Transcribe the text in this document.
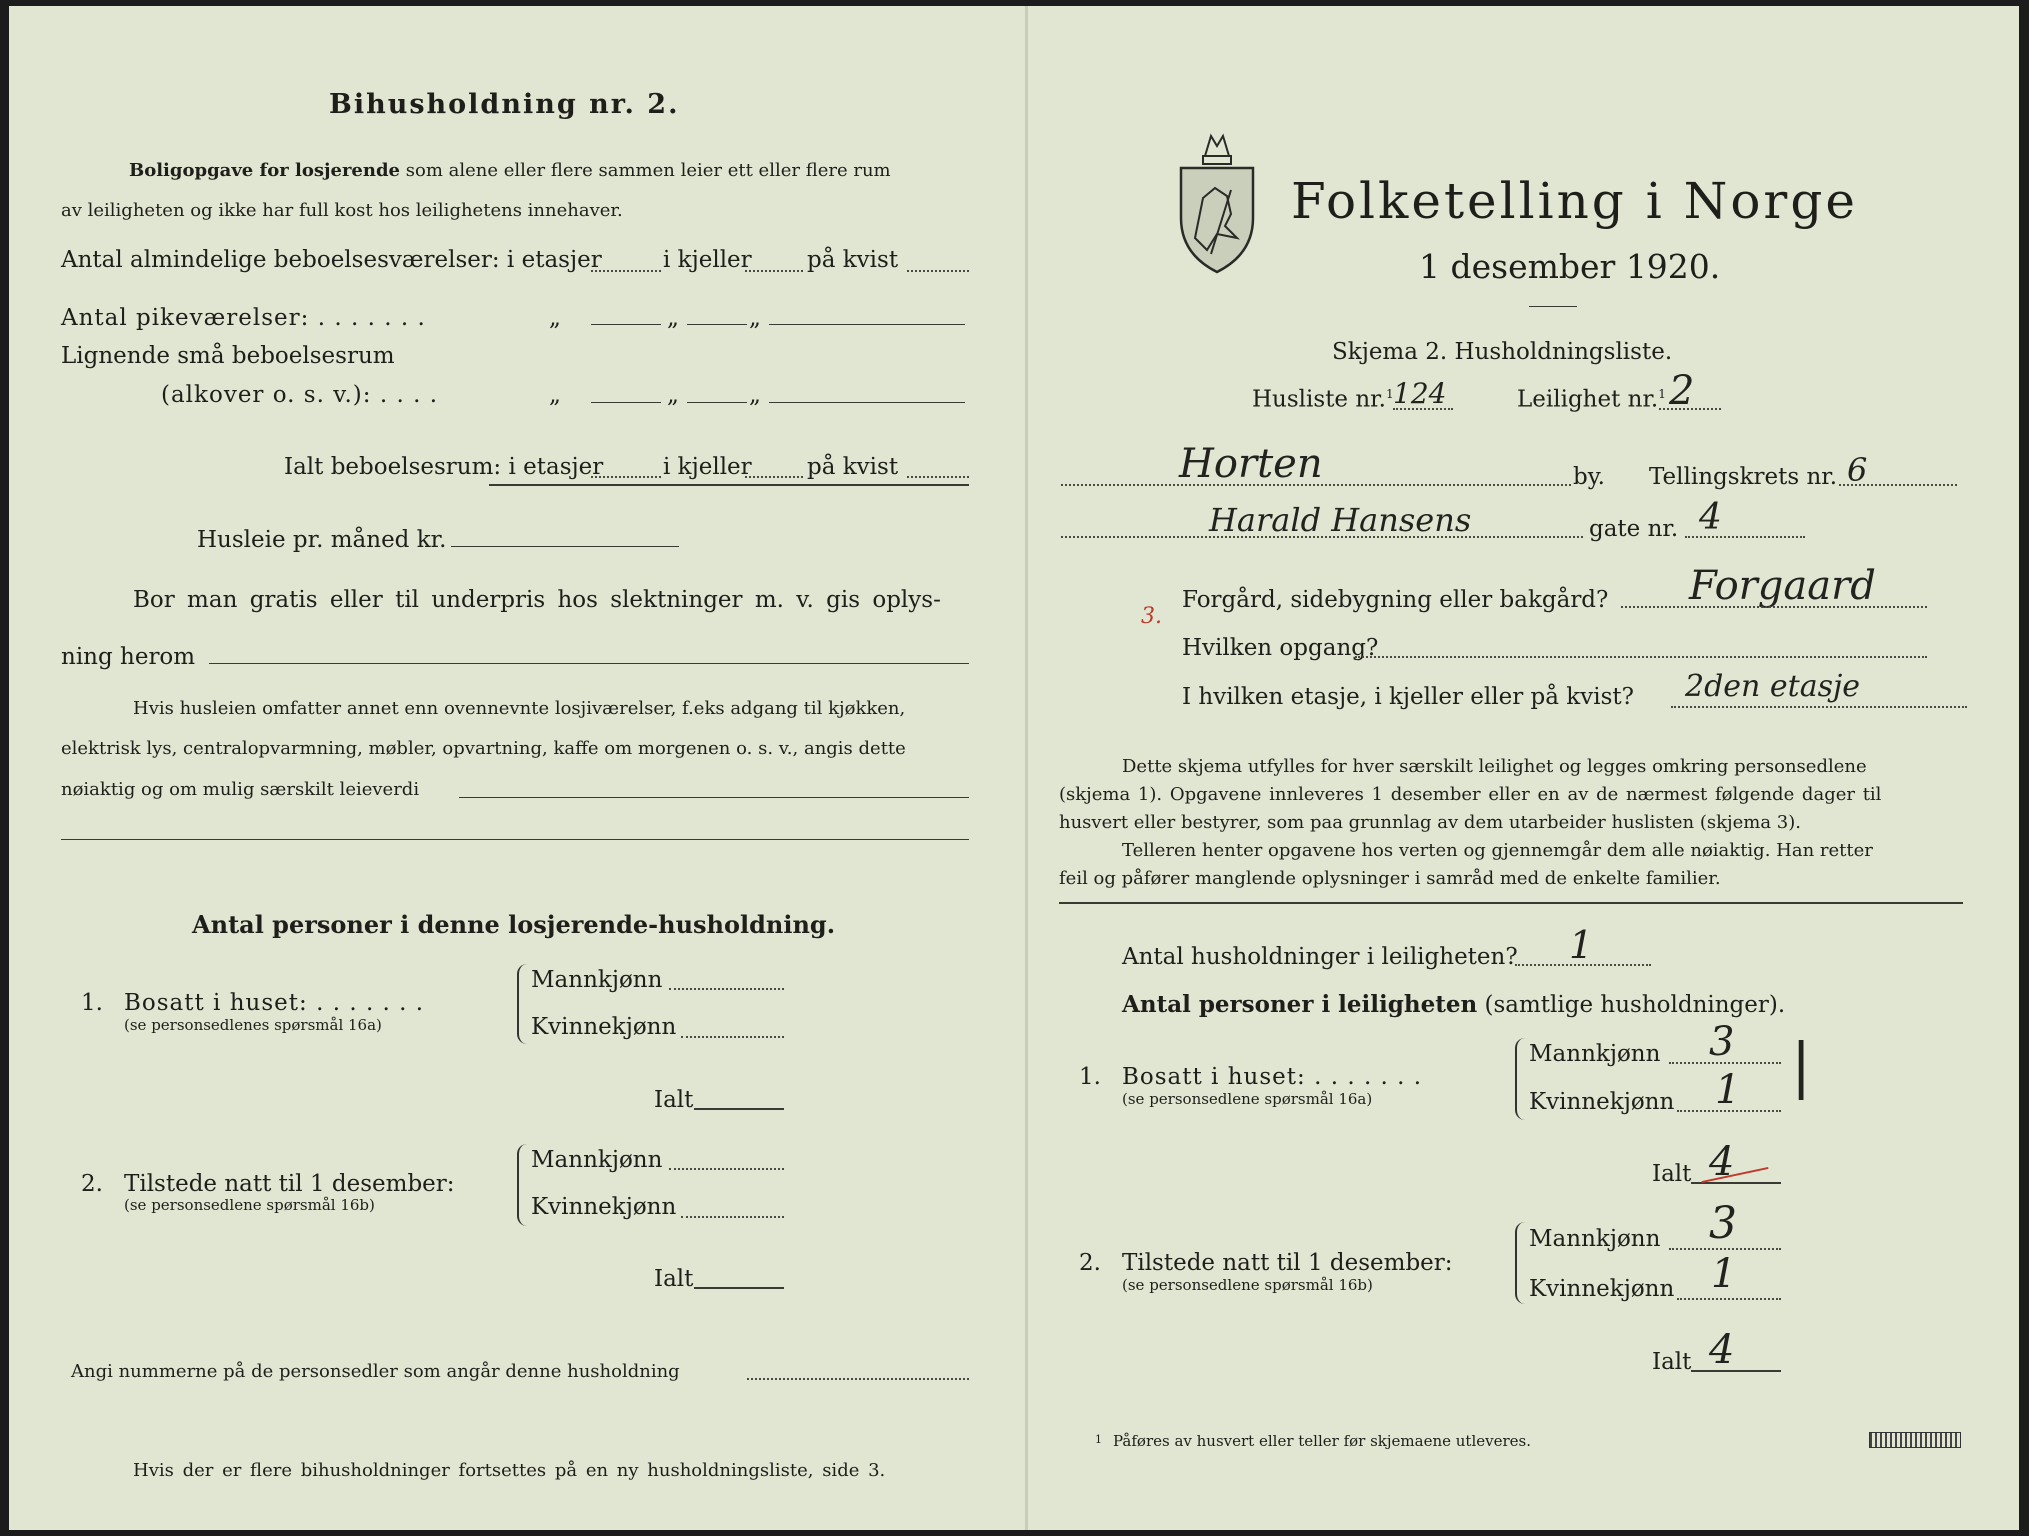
Bihusholdning nr. 2.
Boligopgave for losjerende som alene eller flere sammen leier ett eller flere rum
av leiligheten og ikke har full kost hos leilighetens innehaver.
Antal almindelige beboelsesværelser: i etasjer	i kjeller på kvist
Antal pikeværelser: . . . . . . .	„	„	„
Lignende små beboelsesrum
(alkover o. s. v.): . . . .	„	„	„
Ialt beboelsesrum: i etasjer	i kjeller på kvist
Husleie pr. måned kr.
Bor man gratis eller til underpris hos slektninger m. v. gis oplys-
ning herom
Hvis husleien omfatter annet enn ovennevnte losjiværelser, f.eks adgang til kjøkken,
elektrisk lys, centralopvarmning, møbler, opvartning, kaffe om morgenen o. s. v., angis dette
nøiaktig og om mulig særskilt leieverdi
Antal personer i denne losjerende-husholdning.
1. Bosatt i huset: . . . . . . .
(se personsedlenes spørsmål 16a)
Mannkjønn
Kvinnekjønn
Ialt
2. Tilstede natt til 1 desember:
(se personsedlene spørsmål 16b)
Mannkjønn
Kvinnekjønn
Ialt
Angi nummerne på de personsedler som angår denne husholdning
Hvis der er flere bihusholdninger fortsettes på en ny husholdningsliste, side 3.
Folketelling i Norge
1 desember 1920.
Skjema 2. Husholdningsliste.
Husliste nr.$^1$ 124	Leilighet nr.$^1$ 2
Horten	by. Tellingskrets nr. 6
Harald Hansens	gate nr. 4
3.
Forgård, sidebygning eller bakgård? Forgaard
Hvilken opgang?
I hvilken etasje, i kjeller eller på kvist? 2den etasje
Dette skjema utfylles for hver særskilt leilighet og legges omkring personsedlene
(skjema 1). Opgavene innleveres 1 desember eller en av de nærmest følgende dager til
husvert eller bestyrer, som paa grunnlag av dem utarbeider huslisten (skjema 3).
Telleren henter opgavene hos verten og gjennemgår dem alle nøiaktig. Han retter
feil og påfører manglende oplysninger i samråd med de enkelte familier.
Antal husholdninger i leiligheten? 1
Antal personer i leiligheten (samtlige husholdninger).
1. Bosatt i huset: . . . . . . .
(se personsedlene spørsmål 16a)
Mannkjønn 3
Kvinnekjønn 1 |
Ialt 4
2. Tilstede natt til 1 desember:
(se personsedlene spørsmål 16b)
Mannkjønn 3
Kvinnekjønn 1
Ialt 4
1 Påføres av husvert eller teller før skjemaene utleveres.
